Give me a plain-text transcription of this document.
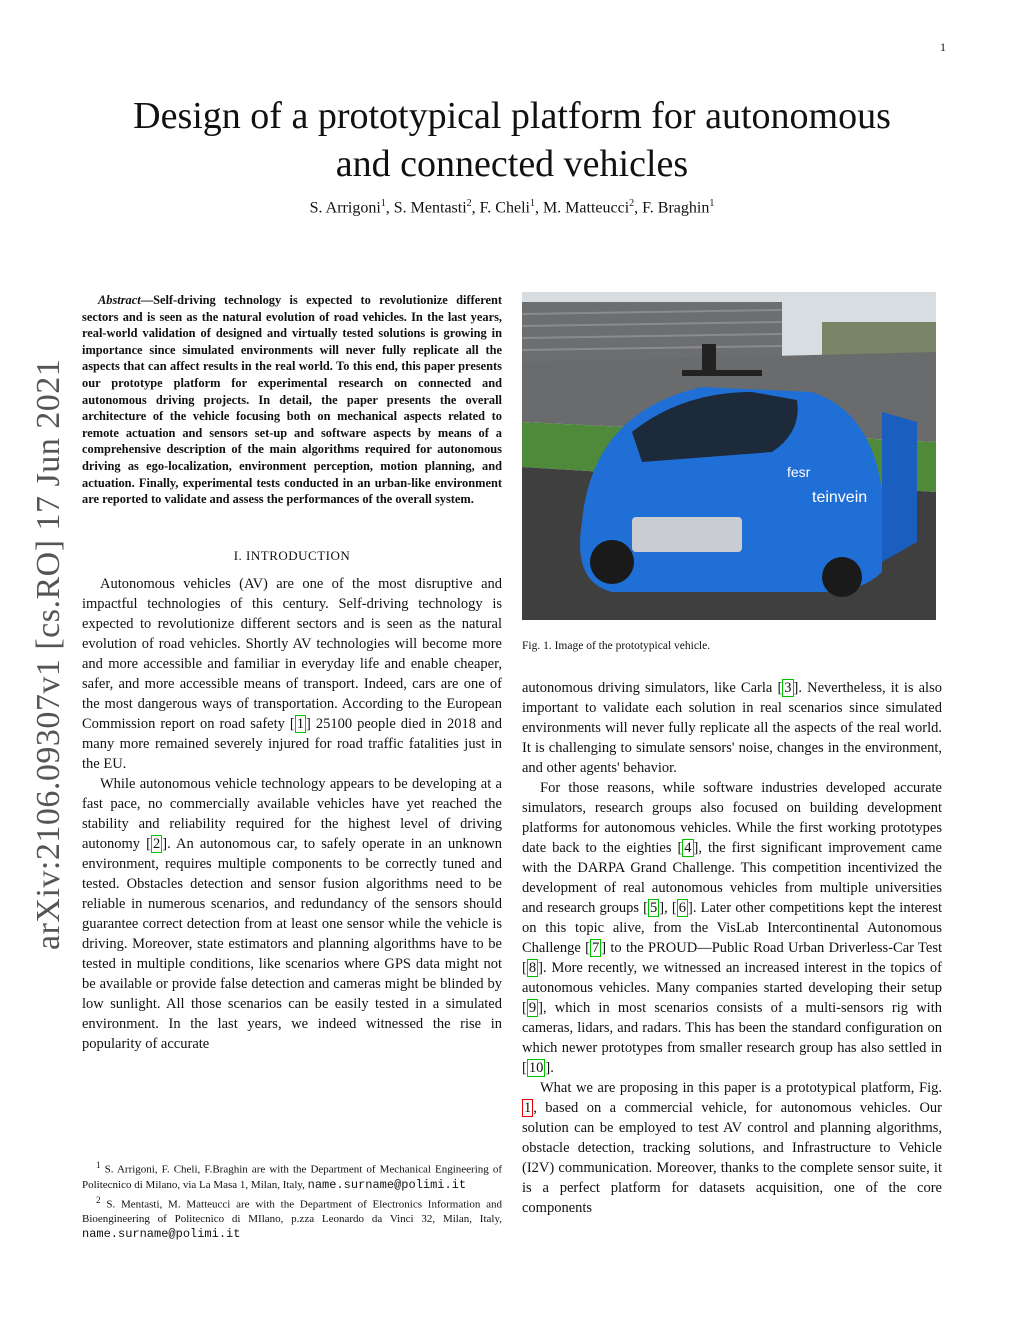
1
arXiv:2106.09307v1 [cs.RO] 17 Jun 2021
Design of a prototypical platform for autonomous
and connected vehicles
S. Arrigoni$^1$, S. Mentasti$^2$, F. Cheli$^1$, M. Matteucci$^2$, F. Braghin$^1$

Abstract—Self-driving technology is expected to revolutionize different sectors and is seen as the natural evolution of road vehicles. In the last years, real-world validation of designed and virtually tested solutions is growing in importance since simulated environments will never fully replicate all the aspects that can affect results in the real world. To this end, this paper presents our prototype platform for experimental research on connected and autonomous driving projects. In detail, the paper presents the overall architecture of the vehicle focusing both on mechanical aspects related to remote actuation and sensors set-up and software aspects by means of a comprehensive description of the main algorithms required for autonomous driving as ego-localization, environment perception, motion planning, and actuation. Finally, experimental tests conducted in an urban-like environment are reported to validate and assess the performances of the overall system.

I. INTRODUCTION

Autonomous vehicles (AV) are one of the most disruptive and impactful technologies of this century. Self-driving technology is expected to revolutionize different sectors and is seen as the natural evolution of road vehicles. Shortly AV technologies will become more and more accessible and familiar in everyday life and enable cheaper, safer, and more accessible means of transport. Indeed, cars are one of the most dangerous ways of transportation. According to the European Commission report on road safety [ 1 ] 25100 people died in 2018 and many more remained severely injured for road traffic fatalities just in the EU.

While autonomous vehicle technology appears to be developing at a fast pace, no commercially available vehicles have yet reached the stability and reliability required for the highest level of driving autonomy [ 2 ]. An autonomous car, to safely operate in an unknown environment, requires multiple components to be correctly tuned and tested. Obstacles detection and sensor fusion algorithms need to be reliable in numerous scenarios, and redundancy of the sensors should guarantee correct detection from at least one sensor while the vehicle is driving. Moreover, state estimators and planning algorithms have to be tested in multiple conditions, like scenarios where GPS data might not be available or provide false detection and cameras might be blinded by low sunlight. All those scenarios can be easily tested in a simulated environment. In the last years, we indeed witnessed the rise in popularity of accurate

$^1$ S. Arrigoni, F. Cheli, F.Braghin are with the Department of Mechanical Engineering of Politecnico di Milano, via La Masa 1, Milan, Italy, name.surname@polimi.it

$^2$ S. Mentasti, M. Matteucci are with the Department of Electronics Information and Bioengineering of Politecnico di MIlano, p.zza Leonardo da Vinci 32, Milan, Italy, name.surname@polimi.it

fesr
teinvein
Fig. 1. Image of the prototypical vehicle.

autonomous driving simulators, like Carla [ 3 ]. Nevertheless, it is also important to validate each solution in real scenarios since simulated environments will never fully replicate all the aspects of the real world. It is challenging to simulate sensors' noise, changes in the environment, and other agents' behavior.

For those reasons, while software industries developed accurate simulators, research groups also focused on building development platforms for autonomous vehicles. While the first working prototypes date back to the eighties [ 4 ], the first significant improvement came with the DARPA Grand Challenge. This competition incentivized the development of real autonomous vehicles from multiple universities and research groups [ 5 ], [ 6 ]. Later other competitions kept the interest on this topic alive, from the VisLab Intercontinental Autonomous Challenge [ 7 ] to the PROUD—Public Road Urban Driverless-Car Test [ 8 ]. More recently, we witnessed an increased interest in the topics of autonomous vehicles. Many companies started developing their setup [ 9 ], which in most scenarios consists of a multi-sensors rig with cameras, lidars, and radars. This has been the standard configuration on which newer prototypes from smaller research group has also settled in [ 10 ].

What we are proposing in this paper is a prototypical platform, Fig. 1 , based on a commercial vehicle, for autonomous vehicles. Our solution can be employed to test AV control and planning algorithms, obstacle detection, tracking solutions, and Infrastructure to Vehicle (I2V) communication. Moreover, thanks to the complete sensor suite, it is a perfect platform for datasets acquisition, one of the core components
